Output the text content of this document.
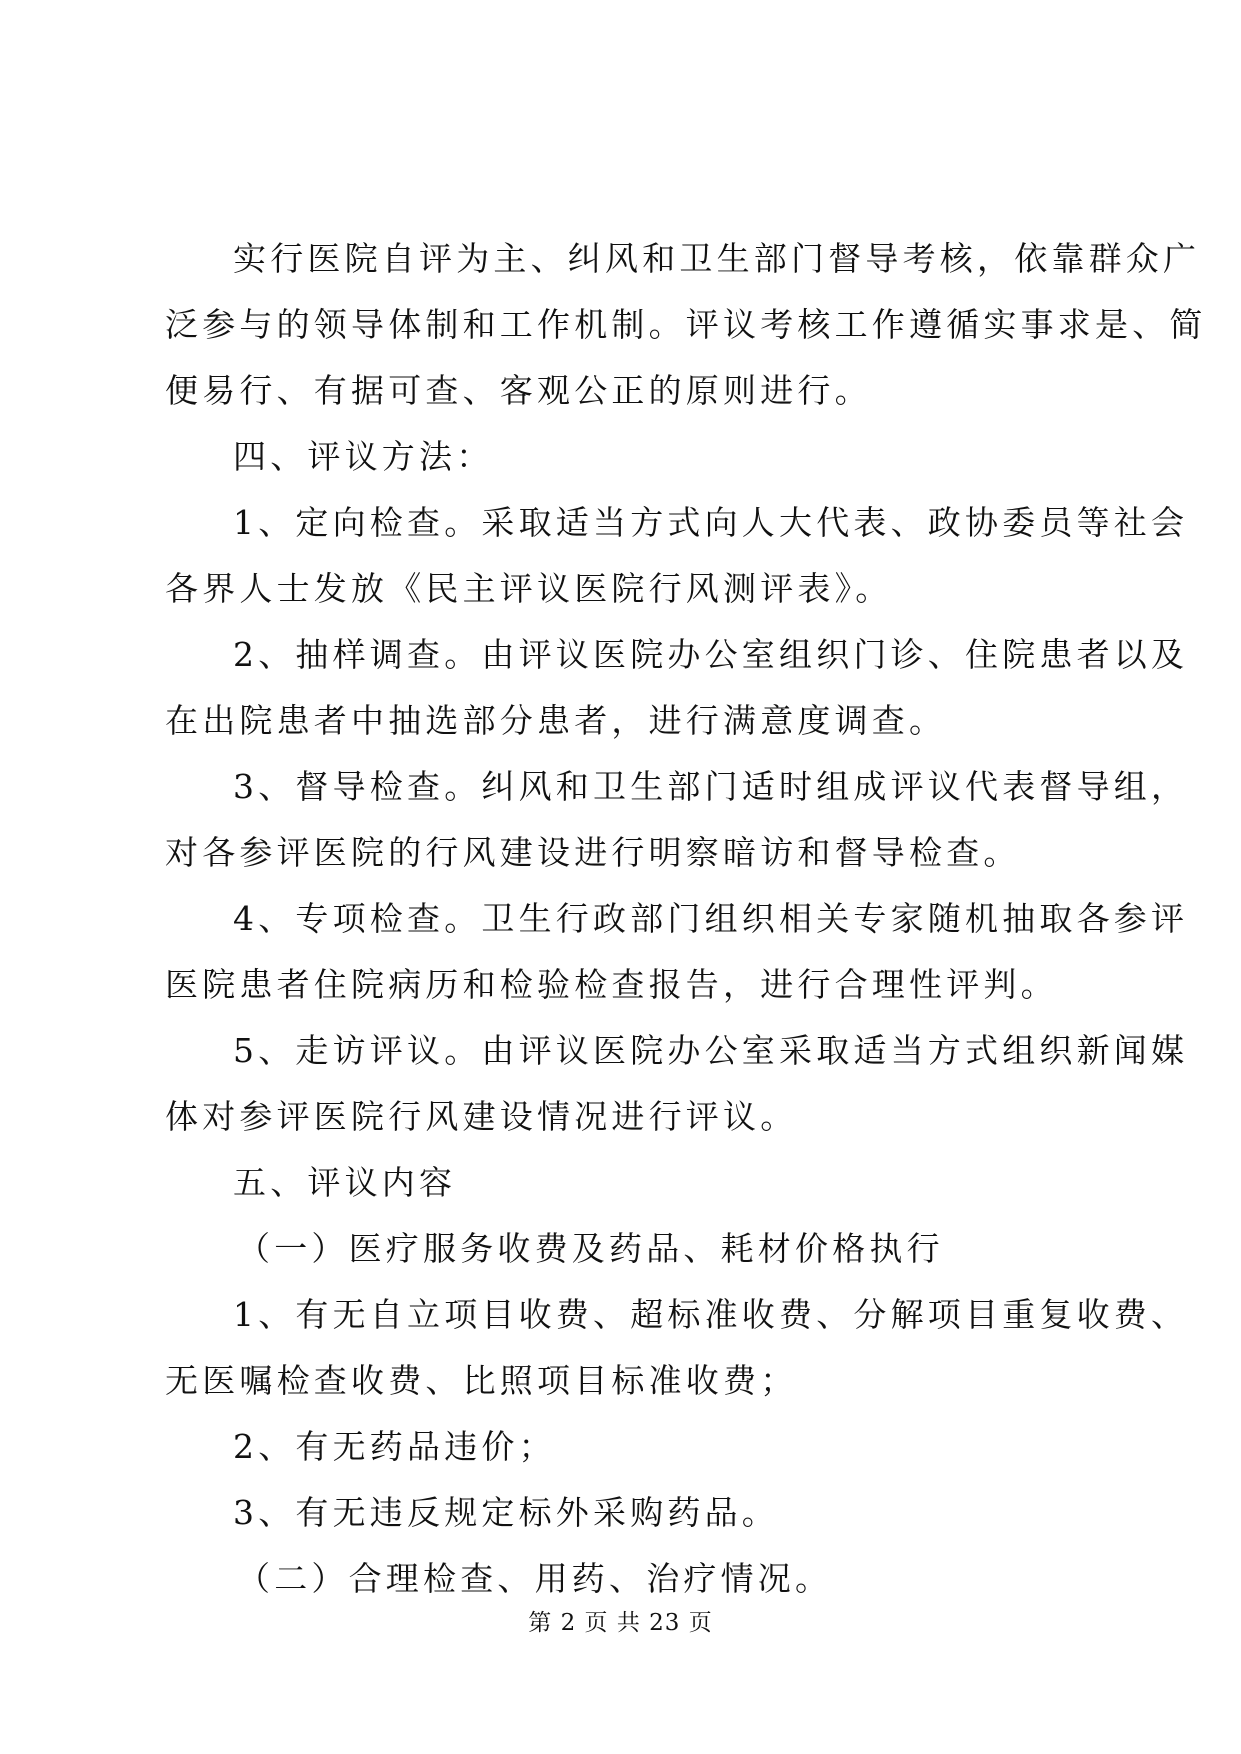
实行医院自评为主、纠风和卫生部门督导考核，依靠群众广
泛参与的领导体制和工作机制。评议考核工作遵循实事求是、简
便易行、有据可查、客观公正的原则进行。
四、评议方法：
1、定向检查。采取适当方式向人大代表、政协委员等社会
各界人士发放《民主评议医院行风测评表》。
2、抽样调查。由评议医院办公室组织门诊、住院患者以及
在出院患者中抽选部分患者，进行满意度调查。
3、督导检查。纠风和卫生部门适时组成评议代表督导组，
对各参评医院的行风建设进行明察暗访和督导检查。
4、专项检查。卫生行政部门组织相关专家随机抽取各参评
医院患者住院病历和检验检查报告，进行合理性评判。
5、走访评议。由评议医院办公室采取适当方式组织新闻媒
体对参评医院行风建设情况进行评议。
五、评议内容
（一）医疗服务收费及药品、耗材价格执行
1、有无自立项目收费、超标准收费、分解项目重复收费、
无医嘱检查收费、比照项目标准收费；
2、有无药品违价；
3、有无违反规定标外采购药品。
（二）合理检查、用药、治疗情况。
第 2 页 共 23 页
